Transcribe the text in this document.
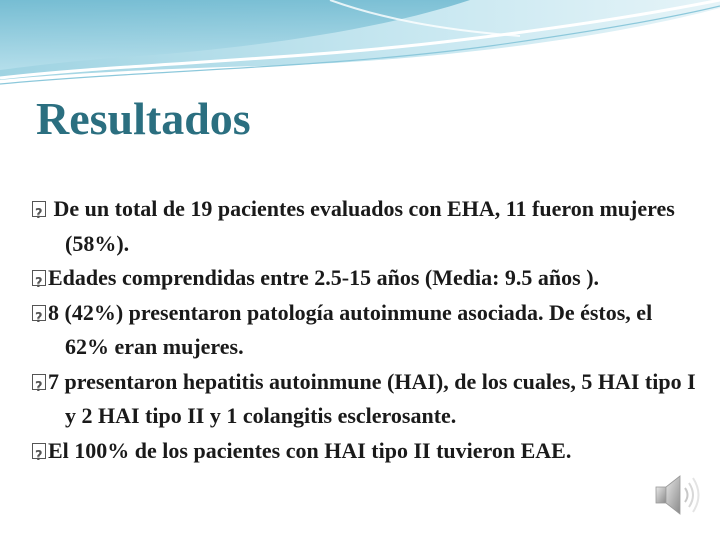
Resultados
? De un total de 19 pacientes evaluados con EHA, 11 fueron mujeres (58%).
?Edades comprendidas entre 2.5-15 años (Media: 9.5 años ).
?8 (42%) presentaron patología autoinmune asociada. De éstos, el 62% eran mujeres.
?7 presentaron hepatitis autoinmune (HAI), de los cuales, 5 HAI tipo I y 2 HAI tipo II y 1 colangitis esclerosante.
?El 100% de los pacientes con HAI tipo II tuvieron EAE.
